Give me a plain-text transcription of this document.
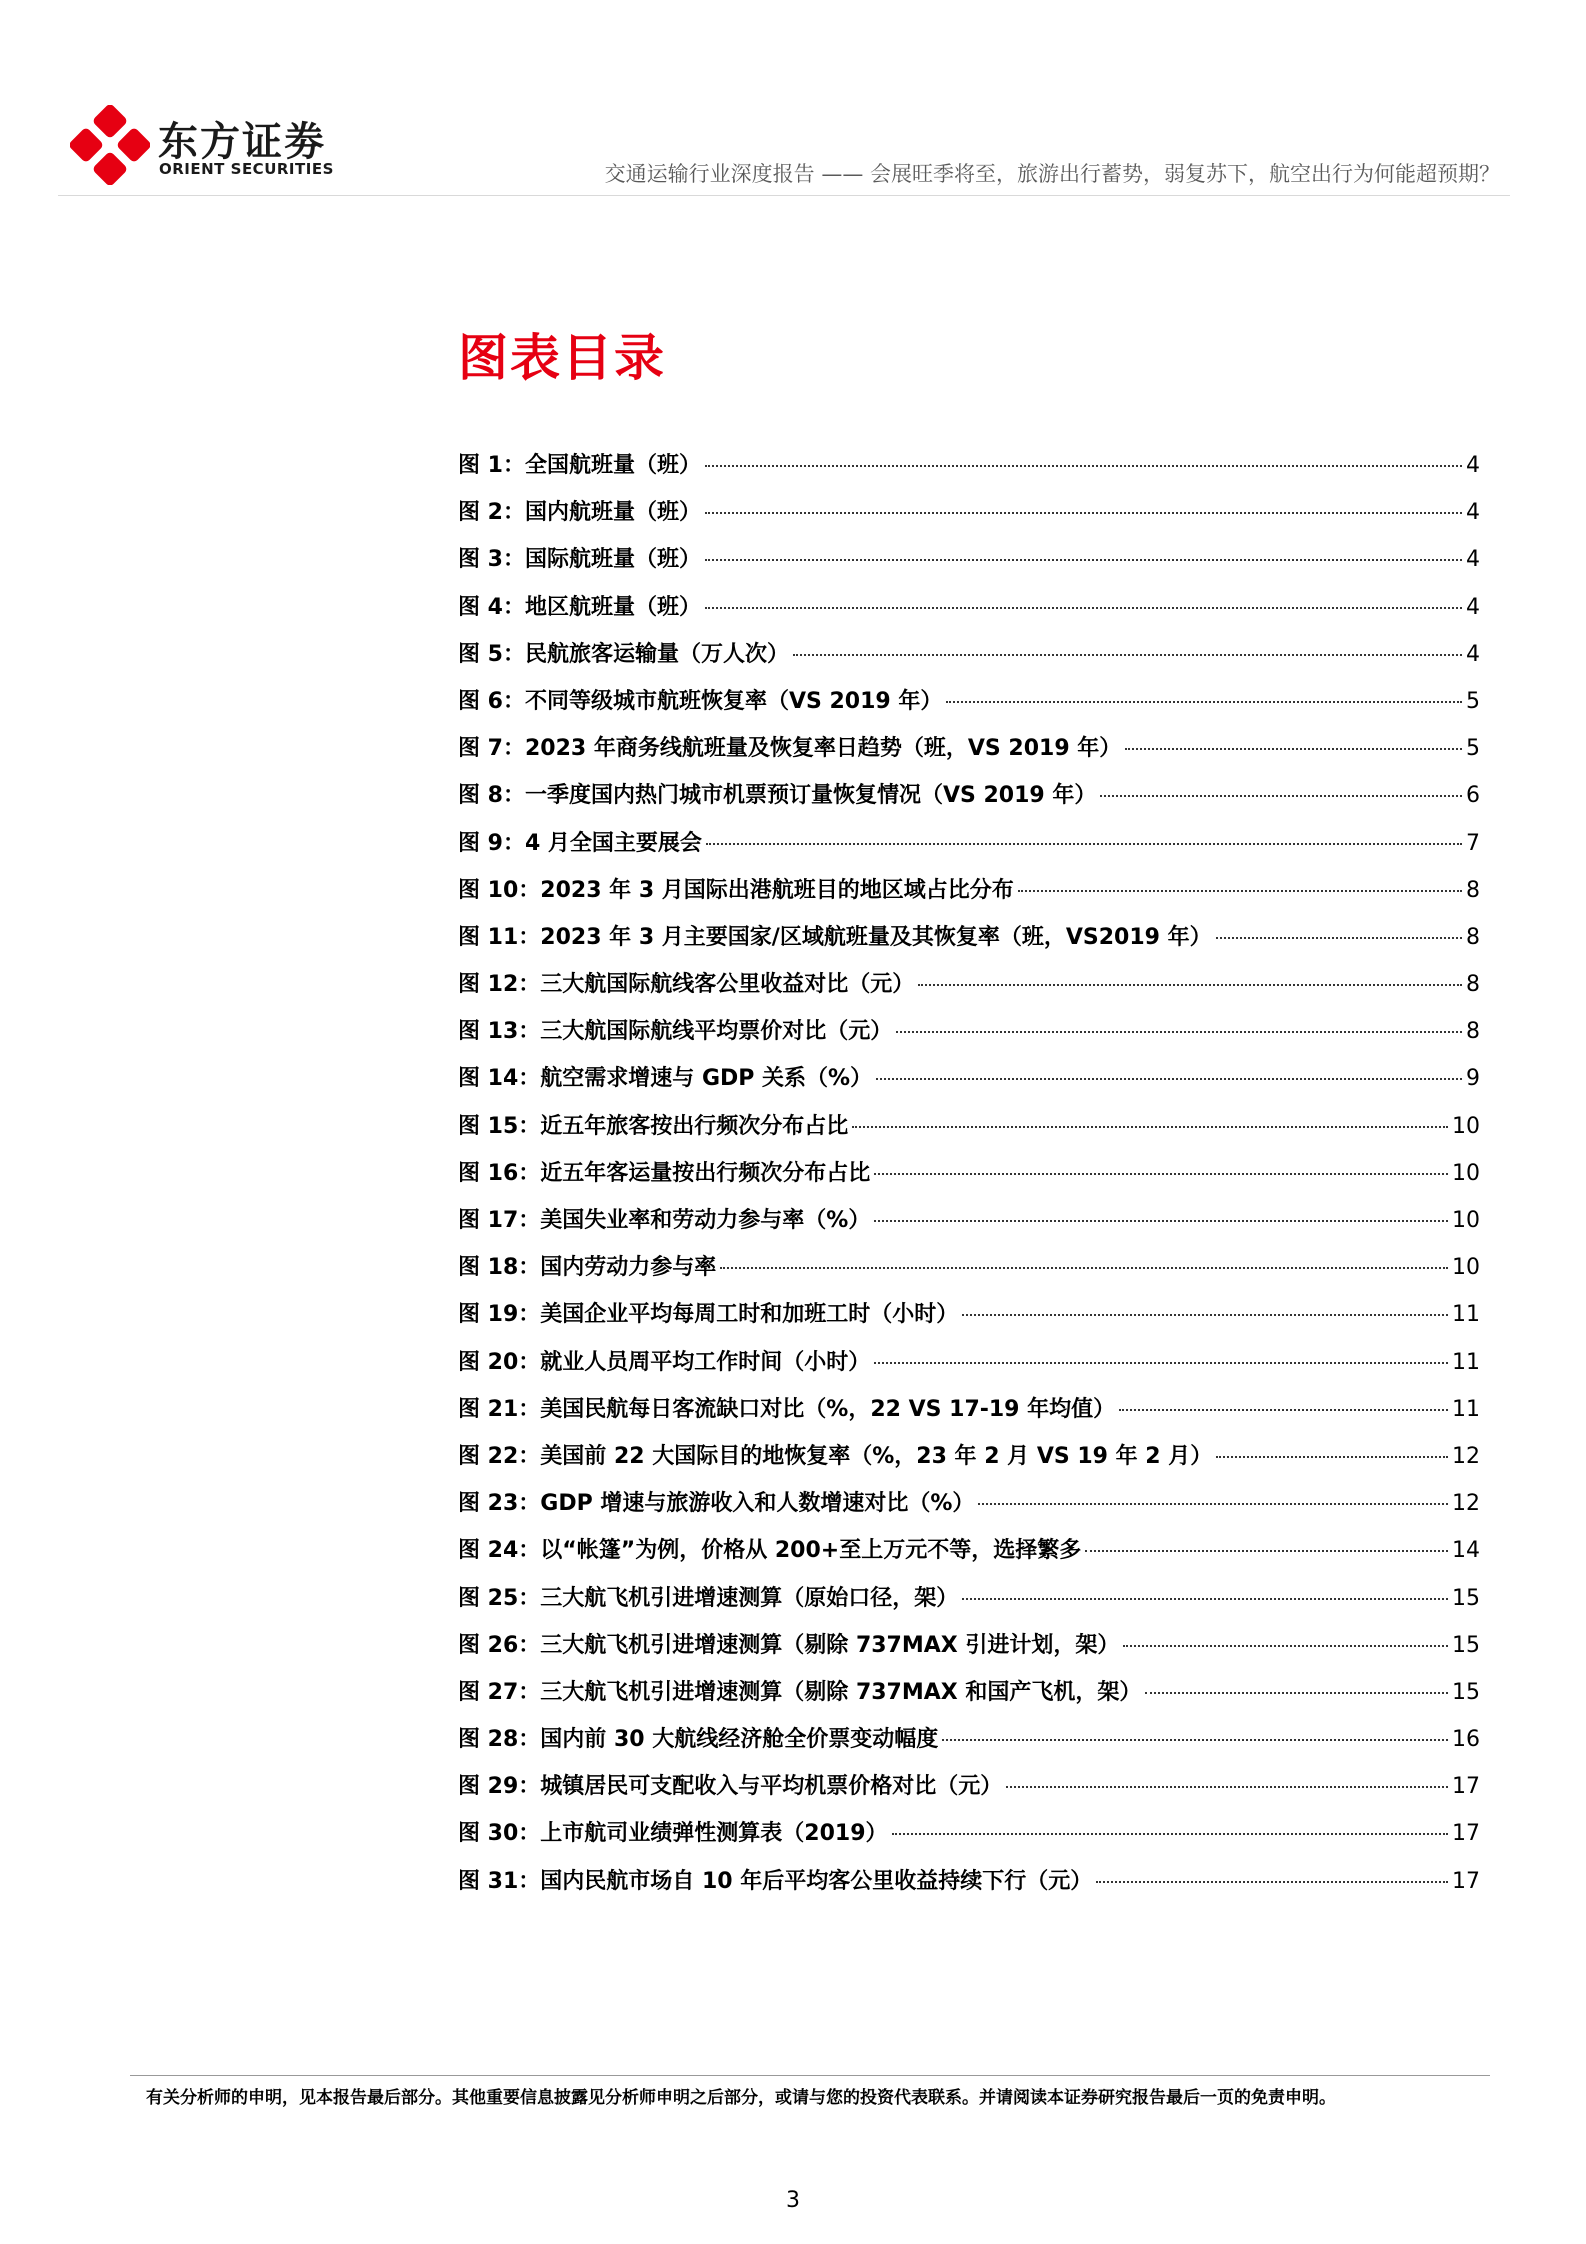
东方证劵
ORIENT SECURITIES	交通运输行业深度报告 —— 会展旺季将至，旅游出行蓄势，弱复苏下，航空出行为何能超预期？
图表目录
图 1：全国航班量（班）	4
图 2：国内航班量（班）	4
图 3：国际航班量（班）	4
图 4：地区航班量（班）	4
图 5：民航旅客运输量（万人次）	4
图 6：不同等级城市航班恢复率（VS 2019 年）	5
图 7：2023 年商务线航班量及恢复率日趋势（班，VS 2019 年）	5
图 8：一季度国内热门城市机票预订量恢复情况（VS 2019 年）	6
图 9：4 月全国主要展会	7
图 10：2023 年 3 月国际出港航班目的地区域占比分布	8
图 11：2023 年 3 月主要国家/区域航班量及其恢复率（班，VS2019 年）	8
图 12：三大航国际航线客公里收益对比（元）	8
图 13：三大航国际航线平均票价对比（元）	8
图 14：航空需求增速与 GDP 关系（%）	9
图 15：近五年旅客按出行频次分布占比	10
图 16：近五年客运量按出行频次分布占比	10
图 17：美国失业率和劳动力参与率（%）	10
图 18：国内劳动力参与率	10
图 19：美国企业平均每周工时和加班工时（小时）	11
图 20：就业人员周平均工作时间（小时）	11
图 21：美国民航每日客流缺口对比（%，22 VS 17-19 年均值）	11
图 22：美国前 22 大国际目的地恢复率（%，23 年 2 月 VS 19 年 2 月）	12
图 23：GDP 增速与旅游收入和人数增速对比（%）	12
图 24：以“帐篷”为例，价格从 200+至上万元不等，选择繁多	14
图 25：三大航飞机引进增速测算（原始口径，架）	15
图 26：三大航飞机引进增速测算（剔除 737MAX 引进计划，架）	15
图 27：三大航飞机引进增速测算（剔除 737MAX 和国产飞机，架）	15
图 28：国内前 30 大航线经济舱全价票变动幅度	16
图 29：城镇居民可支配收入与平均机票价格对比（元）	17
图 30：上市航司业绩弹性测算表（2019）	17
图 31：国内民航市场自 10 年后平均客公里收益持续下行（元）	17
有关分析师的申明，见本报告最后部分。其他重要信息披露见分析师申明之后部分，或请与您的投资代表联系。并请阅读本证券研究报告最后一页的免责申明。
3
